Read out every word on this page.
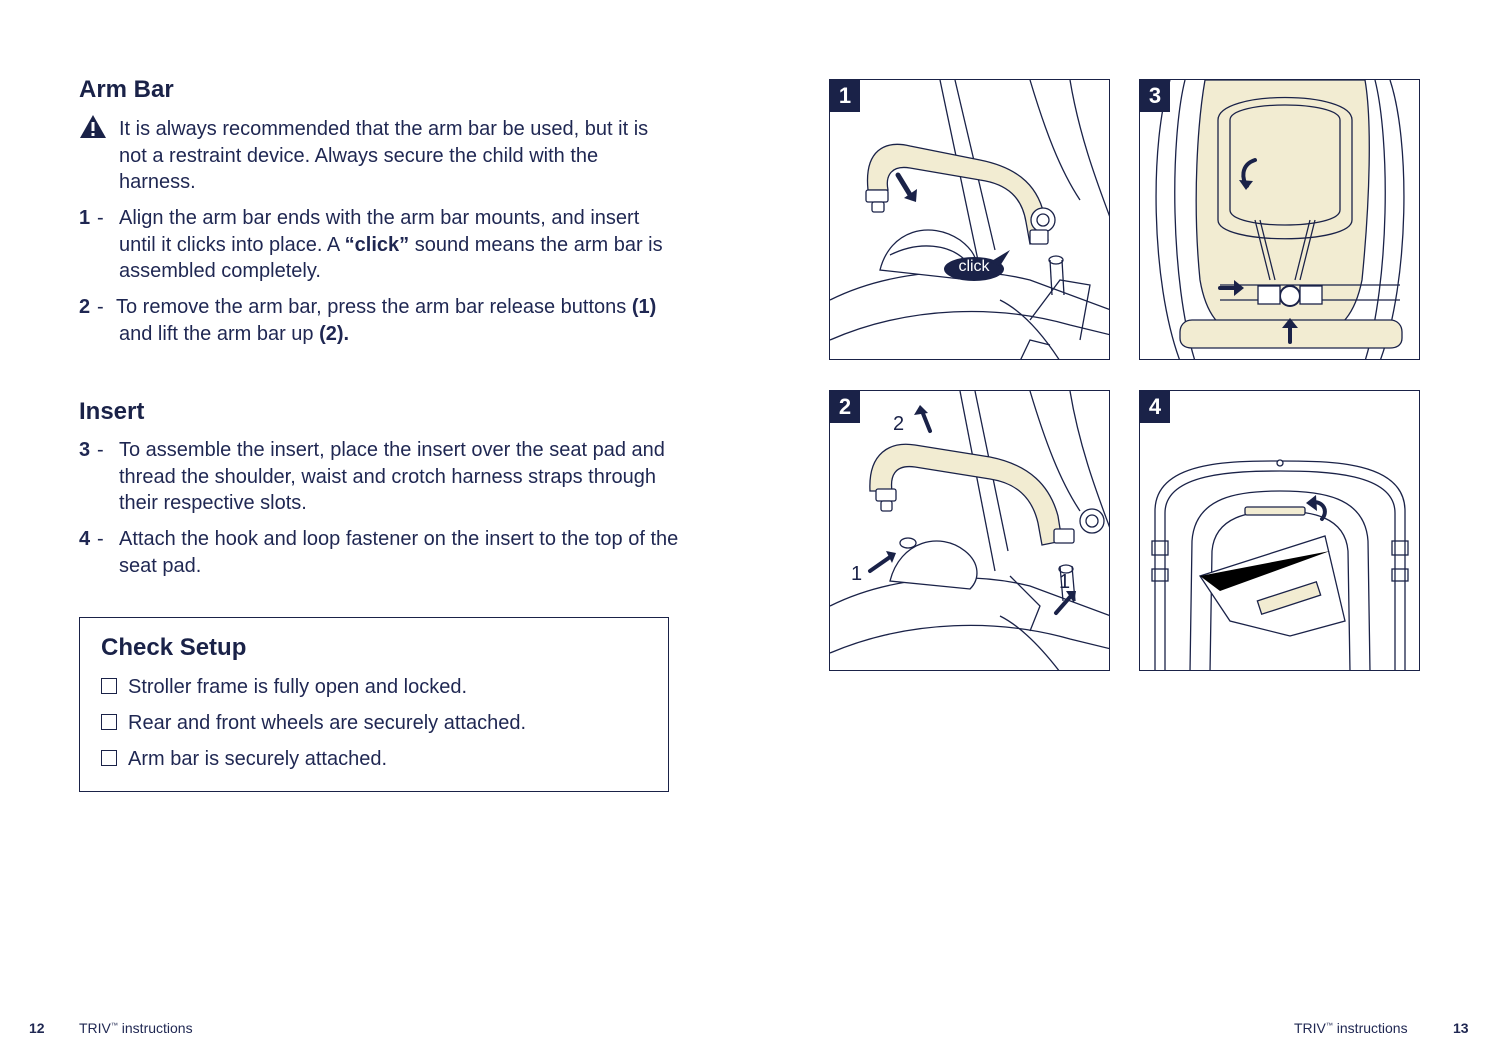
Arm Bar
It is always recommended that the arm bar be used, but it is not a restraint device. Always secure the child with the harness.
1 - Align the arm bar ends with the arm bar mounts, and insert until it clicks into place. A “click” sound means the arm bar is assembled completely.
2 - To remove the arm bar, press the arm bar release buttons (1) and lift the arm bar up (2).
Insert
3 - To assemble the insert, place the insert over the seat pad and thread the shoulder, waist and crotch harness straps through their respective slots.
4 - Attach the hook and loop fastener on the insert to the top of the seat pad.
Check Setup
Stroller frame is fully open and locked.
Rear and front wheels are securely attached.
Arm bar is securely attached.
1
click
2
2
1	1
3
4
12 TRIV™ instructions	TRIV™ instructions	13
